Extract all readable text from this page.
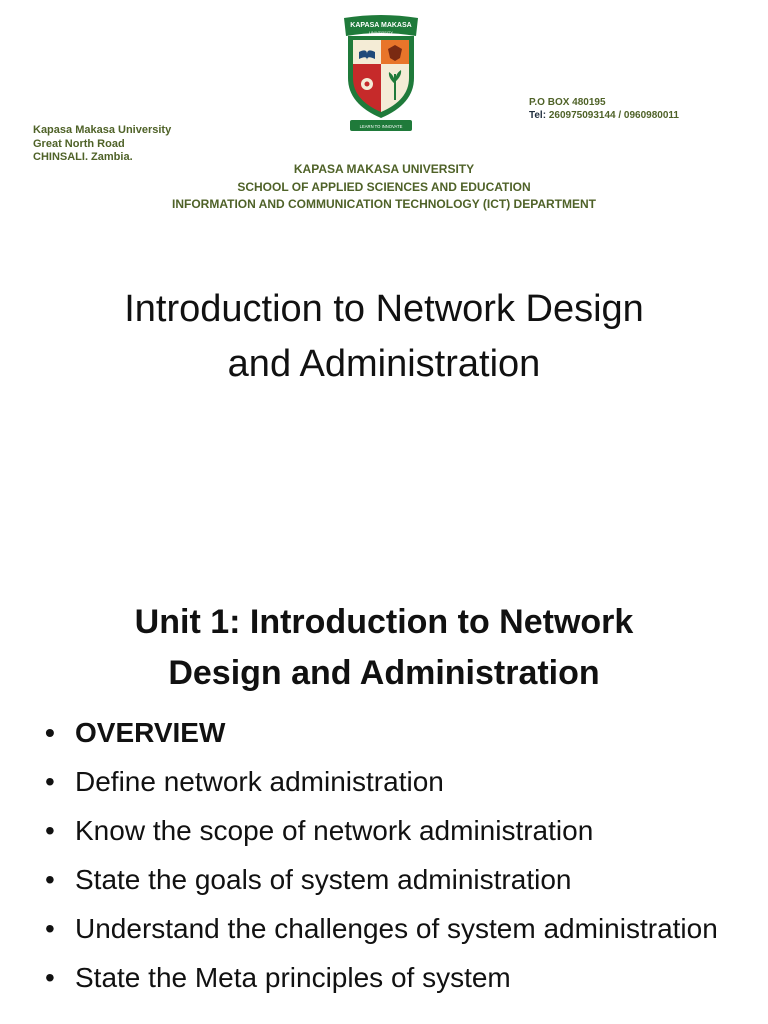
KAPASA MAKASA
UNIVERSITY
LEARN TO INNOVATE
Kapasa Makasa University
Great North Road
CHINSALI. Zambia.
P.O BOX 480195
Tel: 260975093144 / 0960980011
KAPASA MAKASA UNIVERSITY
SCHOOL OF APPLIED SCIENCES AND EDUCATION
INFORMATION AND COMMUNICATION TECHNOLOGY (ICT) DEPARTMENT
Introduction to Network Design
and Administration
Unit 1: Introduction to Network
Design and Administration
• OVERVIEW
• Define network administration
• Know the scope of network administration
• State the goals of system administration
• Understand the challenges of system administration
• State the Meta principles of system
